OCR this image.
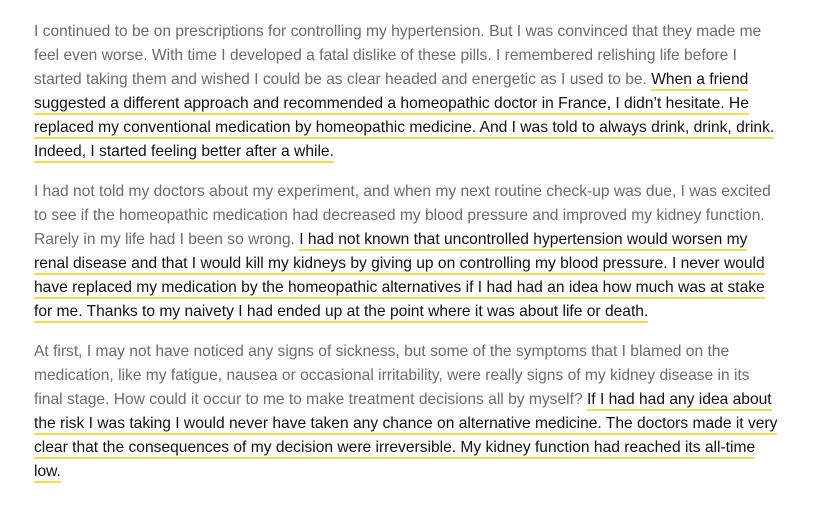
I continued to be on prescriptions for controlling my hypertension. But I was convinced that they made me feel even worse. With time I developed a fatal dislike of these pills. I remembered relishing life before I started taking them and wished I could be as clear headed and energetic as I used to be. When a friend suggested a different approach and recommended a homeopathic doctor in France, I didn’t hesitate. He replaced my conventional medication by homeopathic medicine. And I was told to always drink, drink, drink. Indeed, I started feeling better after a while.

I had not told my doctors about my experiment, and when my next routine check-up was due, I was excited to see if the homeopathic medication had decreased my blood pressure and improved my kidney function. Rarely in my life had I been so wrong. I had not known that uncontrolled hypertension would worsen my renal disease and that I would kill my kidneys by giving up on controlling my blood pressure. I never would have replaced my medication by the homeopathic alternatives if I had had an idea how much was at stake for me. Thanks to my naivety I had ended up at the point where it was about life or death.

At first, I may not have noticed any signs of sickness, but some of the symptoms that I blamed on the medication, like my fatigue, nausea or occasional irritability, were really signs of my kidney disease in its final stage. How could it occur to me to make treatment decisions all by myself? If I had had any idea about the risk I was taking I would never have taken any chance on alternative medicine. The doctors made it very clear that the consequences of my decision were irreversible. My kidney function had reached its all-time low.
